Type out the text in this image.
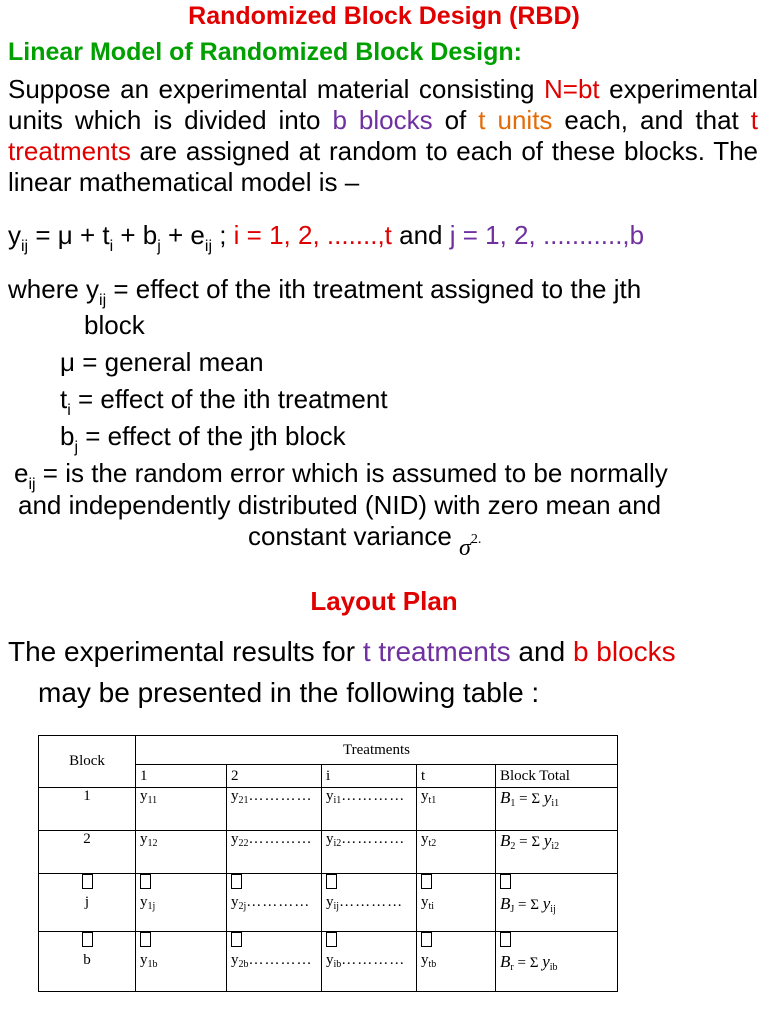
Randomized Block Design (RBD)
Linear Model of Randomized Block Design:
Suppose an experimental material consisting N=bt experimental units which is divided into b blocks of t units each, and that t treatments are assigned at random to each of these blocks. The linear mathematical model is –
$y_{ij} = \mu + t_i + b_j + e_{ij}$ ; i = 1, 2, .......,t and j = 1, 2, ...........,b
where $y_{ij}$ = effect of the ith treatment assigned to the jth
block
μ = general mean
$t_i$ = effect of the ith treatment
$b_j$ = effect of the jth block
$e_{ij}$ = is the random error which is assumed to be normally
and independently distributed (NID) with zero mean and
constant variance σ2.
Layout Plan
The experimental results for t treatments and b blocks
may be presented in the following table :
Block	Treatments				
	1	2	i	t	Block Total
1	$y_{11}$	$y_{21}\dots\dots\dots\dots$	$y_{i1}\dots\dots\dots\dots$	$y_{t1}$	$B_1 = \Sigma$ $y_{i1}$
2	$y_{12}$	$y_{22}\dots\dots\dots\dots$	$y_{i2}\dots\dots\dots\dots$	$y_{t2}$	$B_2 = \Sigma$ $y_{i2}$

j	$y_{1j}$	$y_{2j}\dots\dots\dots\dots$	$y_{ij}\dots\dots\dots\dots$	$y_{ti}$	$B_J = \Sigma$ $y_{ij}$

b	$y_{1b}$	$y_{2b}\dots\dots\dots\dots$	$y_{ib}\dots\dots\dots\dots$	$y_{tb}$	$B_r = \Sigma$ $y_{ib}$
